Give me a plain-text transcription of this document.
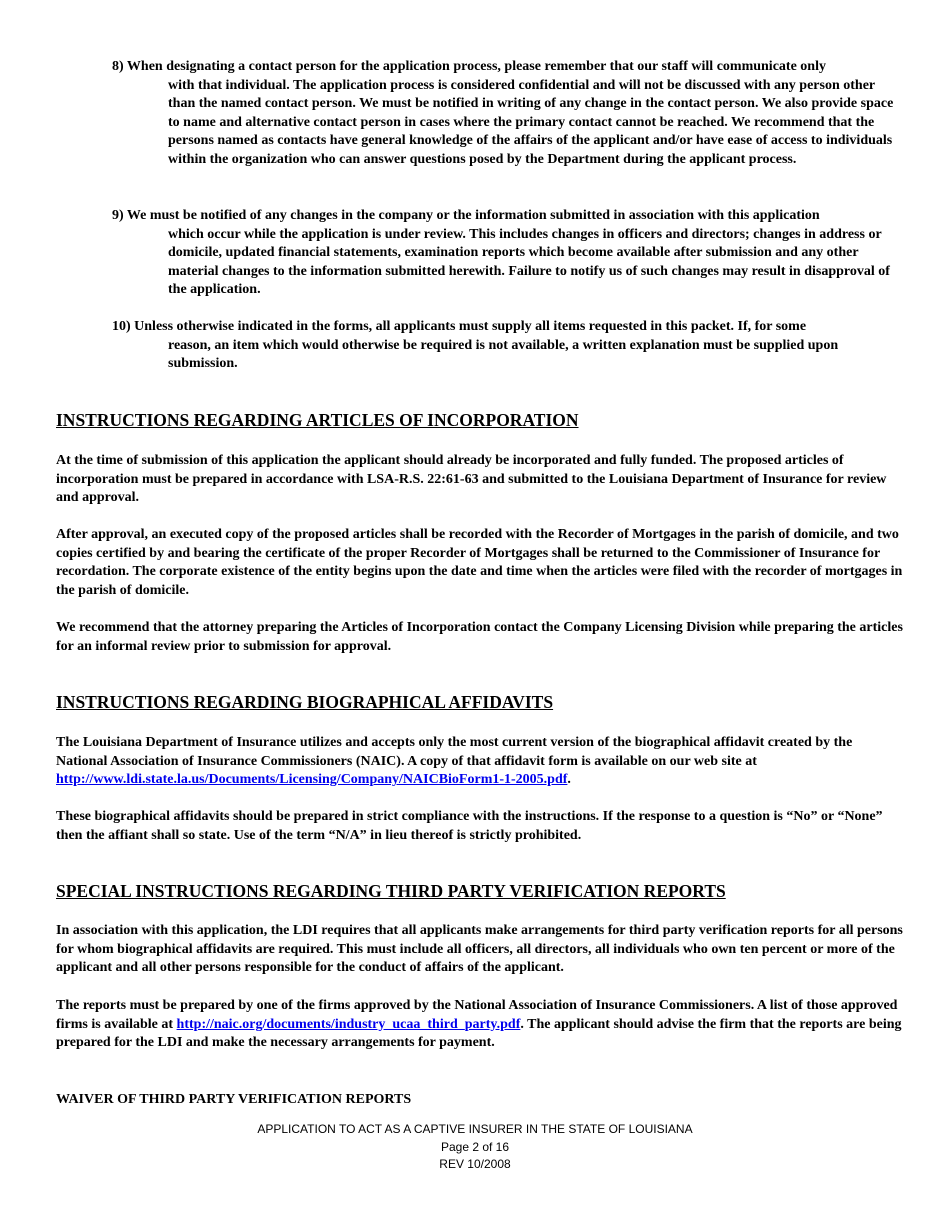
8) When designating a contact person for the application process, please remember that our staff will communicate only
with that individual. The application process is considered confidential and will not be discussed with any person other than the named contact person. We must be notified in writing of any change in the contact person. We also provide space to name and alternative contact person in cases where the primary contact cannot be reached. We recommend that the persons named as contacts have general knowledge of the affairs of the applicant and/or have ease of access to individuals within the organization who can answer questions posed by the Department during the applicant process.
9) We must be notified of any changes in the company or the information submitted in association with this application
which occur while the application is under review. This includes changes in officers and directors; changes in address or domicile, updated financial statements, examination reports which become available after submission and any other material changes to the information submitted herewith. Failure to notify us of such changes may result in disapproval of the application.
10) Unless otherwise indicated in the forms, all applicants must supply all items requested in this packet. If, for some
reason, an item which would otherwise be required is not available, a written explanation must be supplied upon submission.
INSTRUCTIONS REGARDING ARTICLES OF INCORPORATION

At the time of submission of this application the applicant should already be incorporated and fully funded. The proposed articles of incorporation must be prepared in accordance with LSA-R.S. 22:61-63 and submitted to the Louisiana Department of Insurance for review and approval.

After approval, an executed copy of the proposed articles shall be recorded with the Recorder of Mortgages in the parish of domicile, and two copies certified by and bearing the certificate of the proper Recorder of Mortgages shall be returned to the Commissioner of Insurance for recordation. The corporate existence of the entity begins upon the date and time when the articles were filed with the recorder of mortgages in the parish of domicile.

We recommend that the attorney preparing the Articles of Incorporation contact the Company Licensing Division while preparing the articles for an informal review prior to submission for approval.

INSTRUCTIONS REGARDING BIOGRAPHICAL AFFIDAVITS

The Louisiana Department of Insurance utilizes and accepts only the most current version of the biographical affidavit created by the National Association of Insurance Commissioners (NAIC). A copy of that affidavit form is available on our web site at http://www.ldi.state.la.us/Documents/Licensing/Company/NAICBioForm1-1-2005.pdf.

These biographical affidavits should be prepared in strict compliance with the instructions. If the response to a question is “No” or “None” then the affiant shall so state. Use of the term “N/A” in lieu thereof is strictly prohibited.

SPECIAL INSTRUCTIONS REGARDING THIRD PARTY VERIFICATION REPORTS

In association with this application, the LDI requires that all applicants make arrangements for third party verification reports for all persons for whom biographical affidavits are required. This must include all officers, all directors, all individuals who own ten percent or more of the applicant and all other persons responsible for the conduct of affairs of the applicant.

The reports must be prepared by one of the firms approved by the National Association of Insurance Commissioners. A list of those approved firms is available at http://naic.org/documents/industry_ucaa_third_party.pdf. The applicant should advise the firm that the reports are being prepared for the LDI and make the necessary arrangements for payment.

WAIVER OF THIRD PARTY VERIFICATION REPORTS

APPLICATION TO ACT AS A CAPTIVE INSURER IN THE STATE OF LOUISIANA
Page 2 of 16
REV 10/2008
